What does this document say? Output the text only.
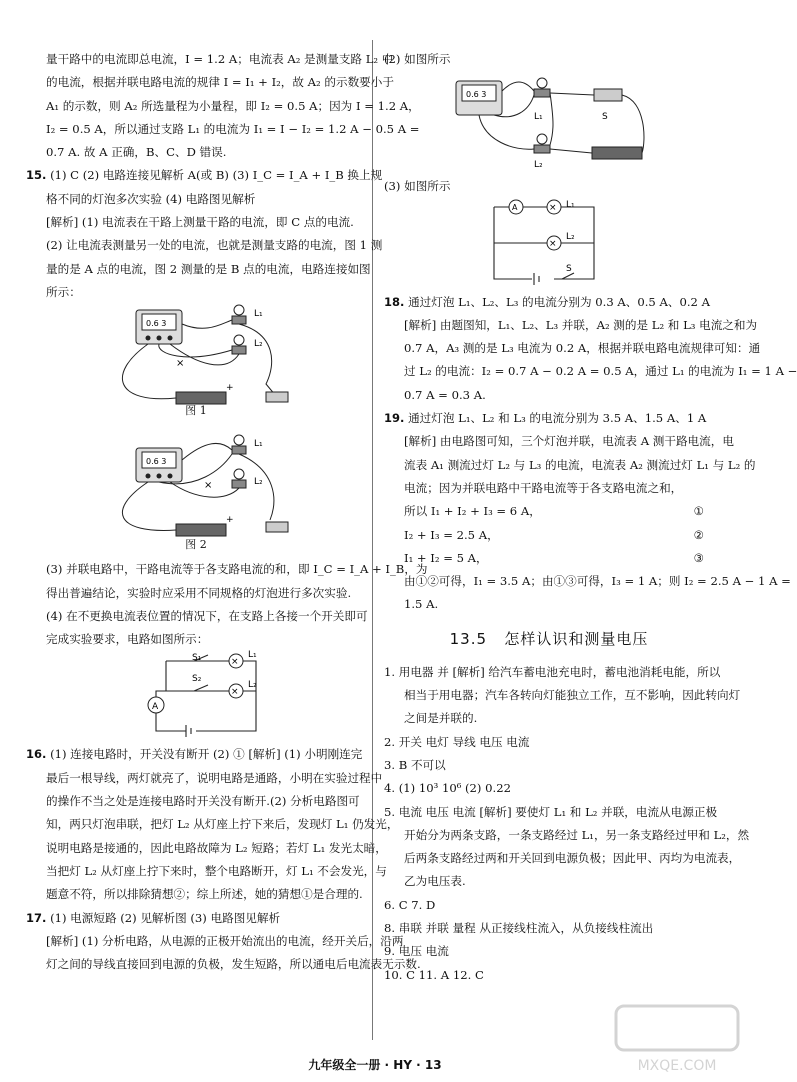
量干路中的电流即总电流，I = 1.2 A；电流表 A₂ 是测量支路 L₂ 中
的电流，根据并联电路电流的规律 I = I₁ + I₂，故 A₂ 的示数要小于
A₁ 的示数，则 A₂ 所选量程为小量程，即 I₂ = 0.5 A；因为 I = 1.2 A，
I₂ = 0.5 A，所以通过支路 L₁ 的电流为 I₁ = I − I₂ = 1.2 A − 0.5 A =
0.7 A. 故 A 正确，B、C、D 错误.
15. (1) C (2) 电路连接见解析 A(或 B) (3) I_C = I_A + I_B 换上规
格不同的灯泡多次实验 (4) 电路图见解析
[解析] (1) 电流表在干路上测量干路的电流，即 C 点的电流.
(2) 让电流表测量另一处的电流，也就是测量支路的电流，图 1 测
量的是 A 点的电流，图 2 测量的是 B 点的电流，电路连接如图
所示：
0.6 3
L₁
L₂
×
+
图 1
0.6 3
L₁
L₂
×
+
图 2
(3) 并联电路中，干路电流等于各支路电流的和，即 I_C = I_A + I_B，为
得出普遍结论，实验时应采用不同规格的灯泡进行多次实验.
(4) 在不更换电流表位置的情况下，在支路上各接一个开关即可
完成实验要求，电路如图所示：
A
×
×
S₁
S₂
L₁
L₂
16. (1) 连接电路时，开关没有断开 (2) ① [解析] (1) 小明刚连完
最后一根导线，两灯就亮了，说明电路是通路，小明在实验过程中
的操作不当之处是连接电路时开关没有断开.(2) 分析电路图可
知，两只灯泡串联，把灯 L₂ 从灯座上拧下来后，发现灯 L₁ 仍发光，
说明电路是接通的，因此电路故障为 L₂ 短路；若灯 L₁ 发光太暗，
当把灯 L₂ 从灯座上拧下来时，整个电路断开，灯 L₁ 不会发光，与
题意不符，所以排除猜想②；综上所述，她的猜想①是合理的.
17. (1) 电源短路 (2) 见解析图 (3) 电路图见解析
[解析] (1) 分析电路，从电源的正极开始流出的电流，经开关后，沿两
灯之间的导线直接回到电源的负极，发生短路，所以通电后电流表无示数.
(2) 如图所示
0.6 3
L₁
L₂
S
(3) 如图所示
A	×
×
L₁
L₂
S
18. 通过灯泡 L₁、L₂、L₃ 的电流分别为 0.3 A、0.5 A、0.2 A
[解析] 由题图知，L₁、L₂、L₃ 并联，A₂ 测的是 L₂ 和 L₃ 电流之和为
0.7 A，A₃ 测的是 L₃ 电流为 0.2 A，根据并联电路电流规律可知：通
过 L₂ 的电流：I₂ = 0.7 A − 0.2 A = 0.5 A，通过 L₁ 的电流为 I₁ = 1 A −
0.7 A = 0.3 A.
19. 通过灯泡 L₁、L₂ 和 L₃ 的电流分别为 3.5 A、1.5 A、1 A
[解析] 由电路图可知，三个灯泡并联，电流表 A 测干路电流，电
流表 A₁ 测流过灯 L₂ 与 L₃ 的电流，电流表 A₂ 测流过灯 L₁ 与 L₂ 的
电流；因为并联电路中干路电流等于各支路电流之和，
所以 I₁ + I₂ + I₃ = 6 A，	①
I₂ + I₃ = 2.5 A，	②
I₁ + I₂ = 5 A，	③
由①②可得，I₁ = 3.5 A；由①③可得，I₃ = 1 A；则 I₂ = 2.5 A − 1 A =
1.5 A.
13.5 怎样认识和测量电压
1. 用电器 并 [解析] 给汽车蓄电池充电时，蓄电池消耗电能，所以
相当于用电器；汽车各转向灯能独立工作，互不影响，因此转向灯
之间是并联的.
2. 开关 电灯 导线 电压 电流
3. B 不可以
4. (1) 10³ 10⁶ (2) 0.22
5. 电流 电压 电流 [解析] 要使灯 L₁ 和 L₂ 并联，电流从电源正极
开始分为两条支路，一条支路经过 L₁，另一条支路经过甲和 L₂，然
后两条支路经过两和开关回到电源负极；因此甲、丙均为电流表，
乙为电压表.
6. C 7. D
8. 串联 并联 量程 从正接线柱流入，从负接线柱流出
9. 电压 电流
10. C 11. A 12. C
MXQE.COM
九年级全一册 · HY · 13
